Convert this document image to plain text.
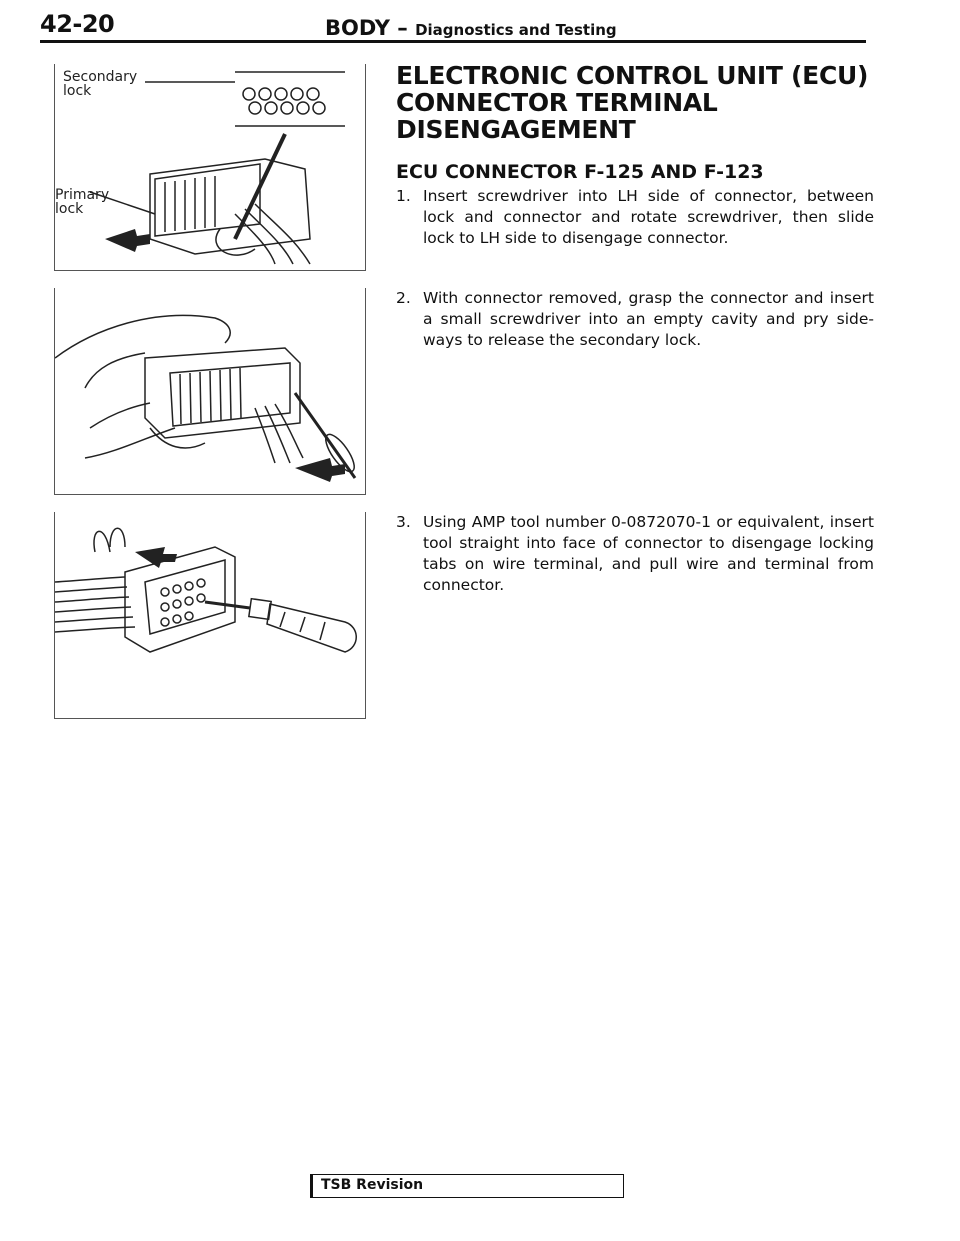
42-20	BODY – Diagnostics and Testing
Secondary
lock
Primary
lock
ELECTRONIC CONTROL UNIT (ECU)
CONNECTOR TERMINAL
DISENGAGEMENT
ECU CONNECTOR F-125 AND F-123
1. Insert screwdriver into LH side of connector, between lock and connector and rotate screwdriver, then slide lock to LH side to disengage connector.
2. With connector removed, grasp the connector and insert a small screwdriver into an empty cavity and pry side-ways to release the secondary lock.
3. Using AMP tool number 0-0872070-1 or equivalent, insert tool straight into face of connector to disengage locking tabs on wire terminal, and pull wire and terminal from connector.
TSB Revision
